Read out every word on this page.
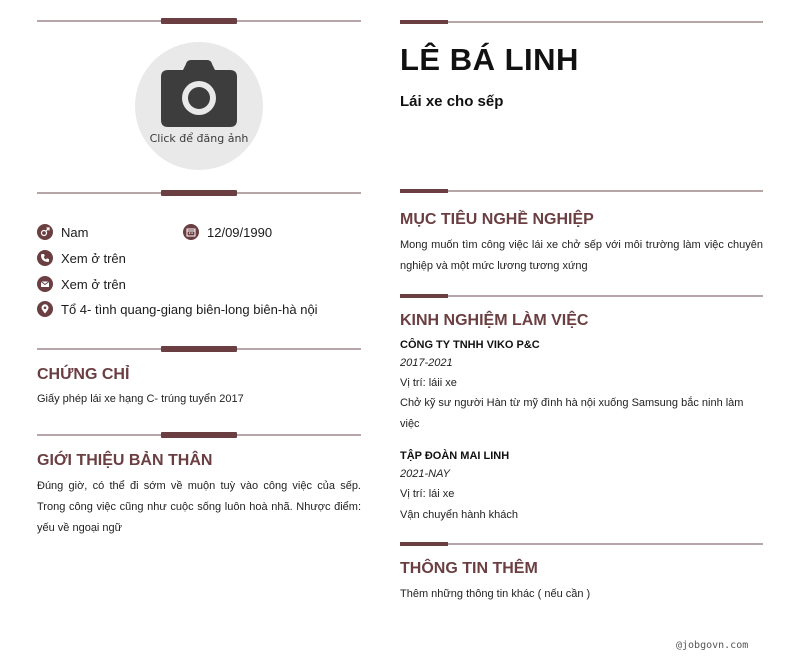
Click để đăng ảnh
Nam	12/09/1990
Xem ở trên
Xem ở trên
Tổ 4- tình quang-giang biên-long biên-hà nội
CHỨNG CHỈ
Giấy phép lái xe hạng C- trúng tuyển 2017
GIỚI THIỆU BẢN THÂN
Đúng giờ, có thể đi sớm về muộn tuỳ vào công việc của sếp. Trong công việc cũng như cuộc sống luôn hoà nhã. Nhược điểm: yếu về ngoại ngữ
LÊ BÁ LINH
Lái xe cho sếp
MỤC TIÊU NGHỀ NGHIỆP
Mong muốn tìm công việc lái xe chở sếp với môi trường làm việc chuyên nghiệp và một mức lương tương xứng
KINH NGHIỆM LÀM VIỆC
CÔNG TY TNHH VIKO P&C
2017-2021
Vị trí: láii xe
Chở kỹ sư người Hàn từ mỹ đình hà nội xuống Samsung bắc ninh làm việc
TẬP ĐOÀN MAI LINH
2021-NAY
Vị trí: lái xe
Vận chuyển hành khách
THÔNG TIN THÊM
Thêm những thông tin khác ( nếu cần )
@jobgovn.com
